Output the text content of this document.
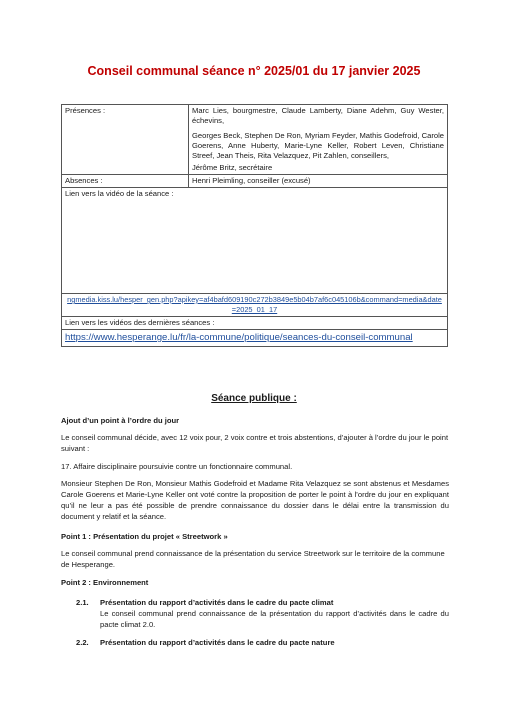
Conseil communal séance n° 2025/01 du 17 janvier 2025
Présences :	Marc Lies, bourgmestre, Claude Lamberty, Diane Adehm, Guy Wester, échevins,

Georges Beck, Stephen De Ron, Myriam Feyder, Mathis Godefroid, Carole Goerens, Anne Huberty, Marie-Lyne Keller, Robert Leven, Christiane Streef, Jean Theis, Rita Velazquez, Pit Zahlen, conseillers,

Jérôme Britz, secrétaire

Absences :	Henri Pleimling, conseiller (excusé)
Lien vers la vidéo de la séance :	
ngmedia.kiss.lu/hesper_gen.php?apikey=af4bafd609190c272b3849e5b04b7af6c045106b&command=media&date=2025_01_17	
Lien vers les vidéos des dernières séances :	
https://www.hesperange.lu/fr/la-commune/politique/seances-du-conseil-communal	
Séance publique :

Ajout d’un point à l’ordre du jour

Le conseil communal décide, avec 12 voix pour, 2 voix contre et trois abstentions, d’ajouter à l’ordre du jour le point suivant :

17. Affaire disciplinaire poursuivie contre un fonctionnaire communal.

Monsieur Stephen De Ron, Monsieur Mathis Godefroid et Madame Rita Velazquez se sont abstenus et Mesdames Carole Goerens et Marie-Lyne Keller ont voté contre la proposition de porter le point à l’ordre du jour en expliquant qu’il ne leur a pas été possible de prendre connaissance du dossier dans le délai entre la transmission du document y relatif et la séance.

Point 1 : Présentation du projet « Streetwork »

Le conseil communal prend connaissance de la présentation du service Streetwork sur le territoire de la commune de Hesperange.

Point 2 : Environnement

2.1. Présentation du rapport d’activités dans le cadre du pacte climat

Le conseil communal prend connaissance de la présentation du rapport d’activités dans le cadre du pacte climat 2.0.

2.2. Présentation du rapport d’activités dans le cadre du pacte nature
